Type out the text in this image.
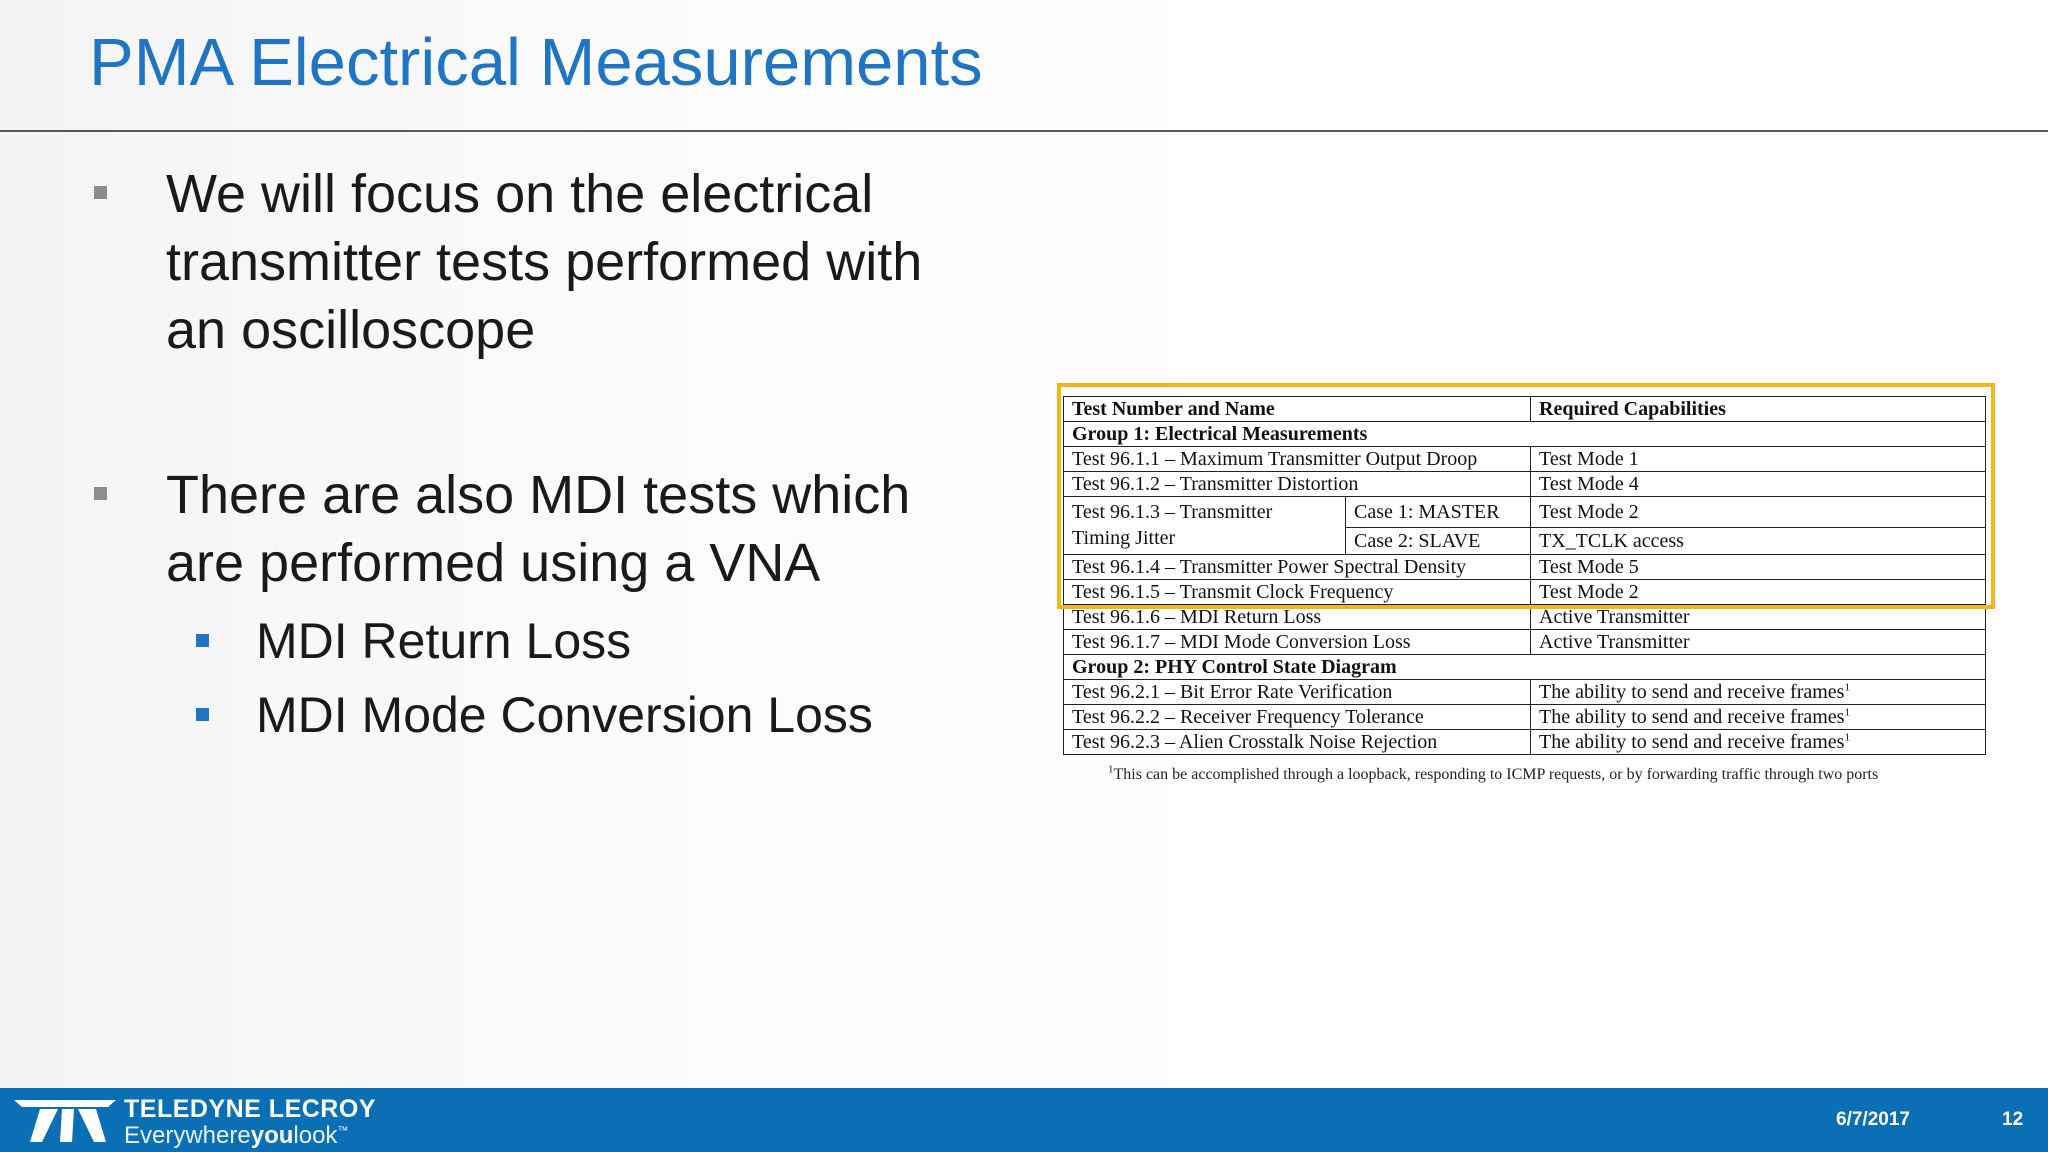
PMA Electrical Measurements
We will focus on the electrical
transmitter tests performed with
an oscilloscope
There are also MDI tests which
are performed using a VNA
MDI Return Loss
MDI Mode Conversion Loss
Test Number and Name		Required Capabilities
Group 1: Electrical Measurements		
Test 96.1.1 – Maximum Transmitter Output Droop		Test Mode 1
Test 96.1.2 – Transmitter Distortion		Test Mode 4

Test 96.1.3 – Transmitter
Timing Jitter	Case 1: MASTER	Test Mode 2
	Case 2: SLAVE	TX_TCLK access
Test 96.1.4 – Transmitter Power Spectral Density		Test Mode 5
Test 96.1.5 – Transmit Clock Frequency		Test Mode 2
Test 96.1.6 – MDI Return Loss		Active Transmitter
Test 96.1.7 – MDI Mode Conversion Loss		Active Transmitter
Group 2: PHY Control State Diagram		
Test 96.2.1 – Bit Error Rate Verification		The ability to send and receive frames$^1$
Test 96.2.2 – Receiver Frequency Tolerance		The ability to send and receive frames$^1$
Test 96.2.3 – Alien Crosstalk Noise Rejection		The ability to send and receive frames$^1$
$^1$This can be accomplished through a loopback, responding to ICMP requests, or by forwarding traffic through two ports
TELEDYNE LECROY
Everywhereyoulook™
6/7/2017	12
